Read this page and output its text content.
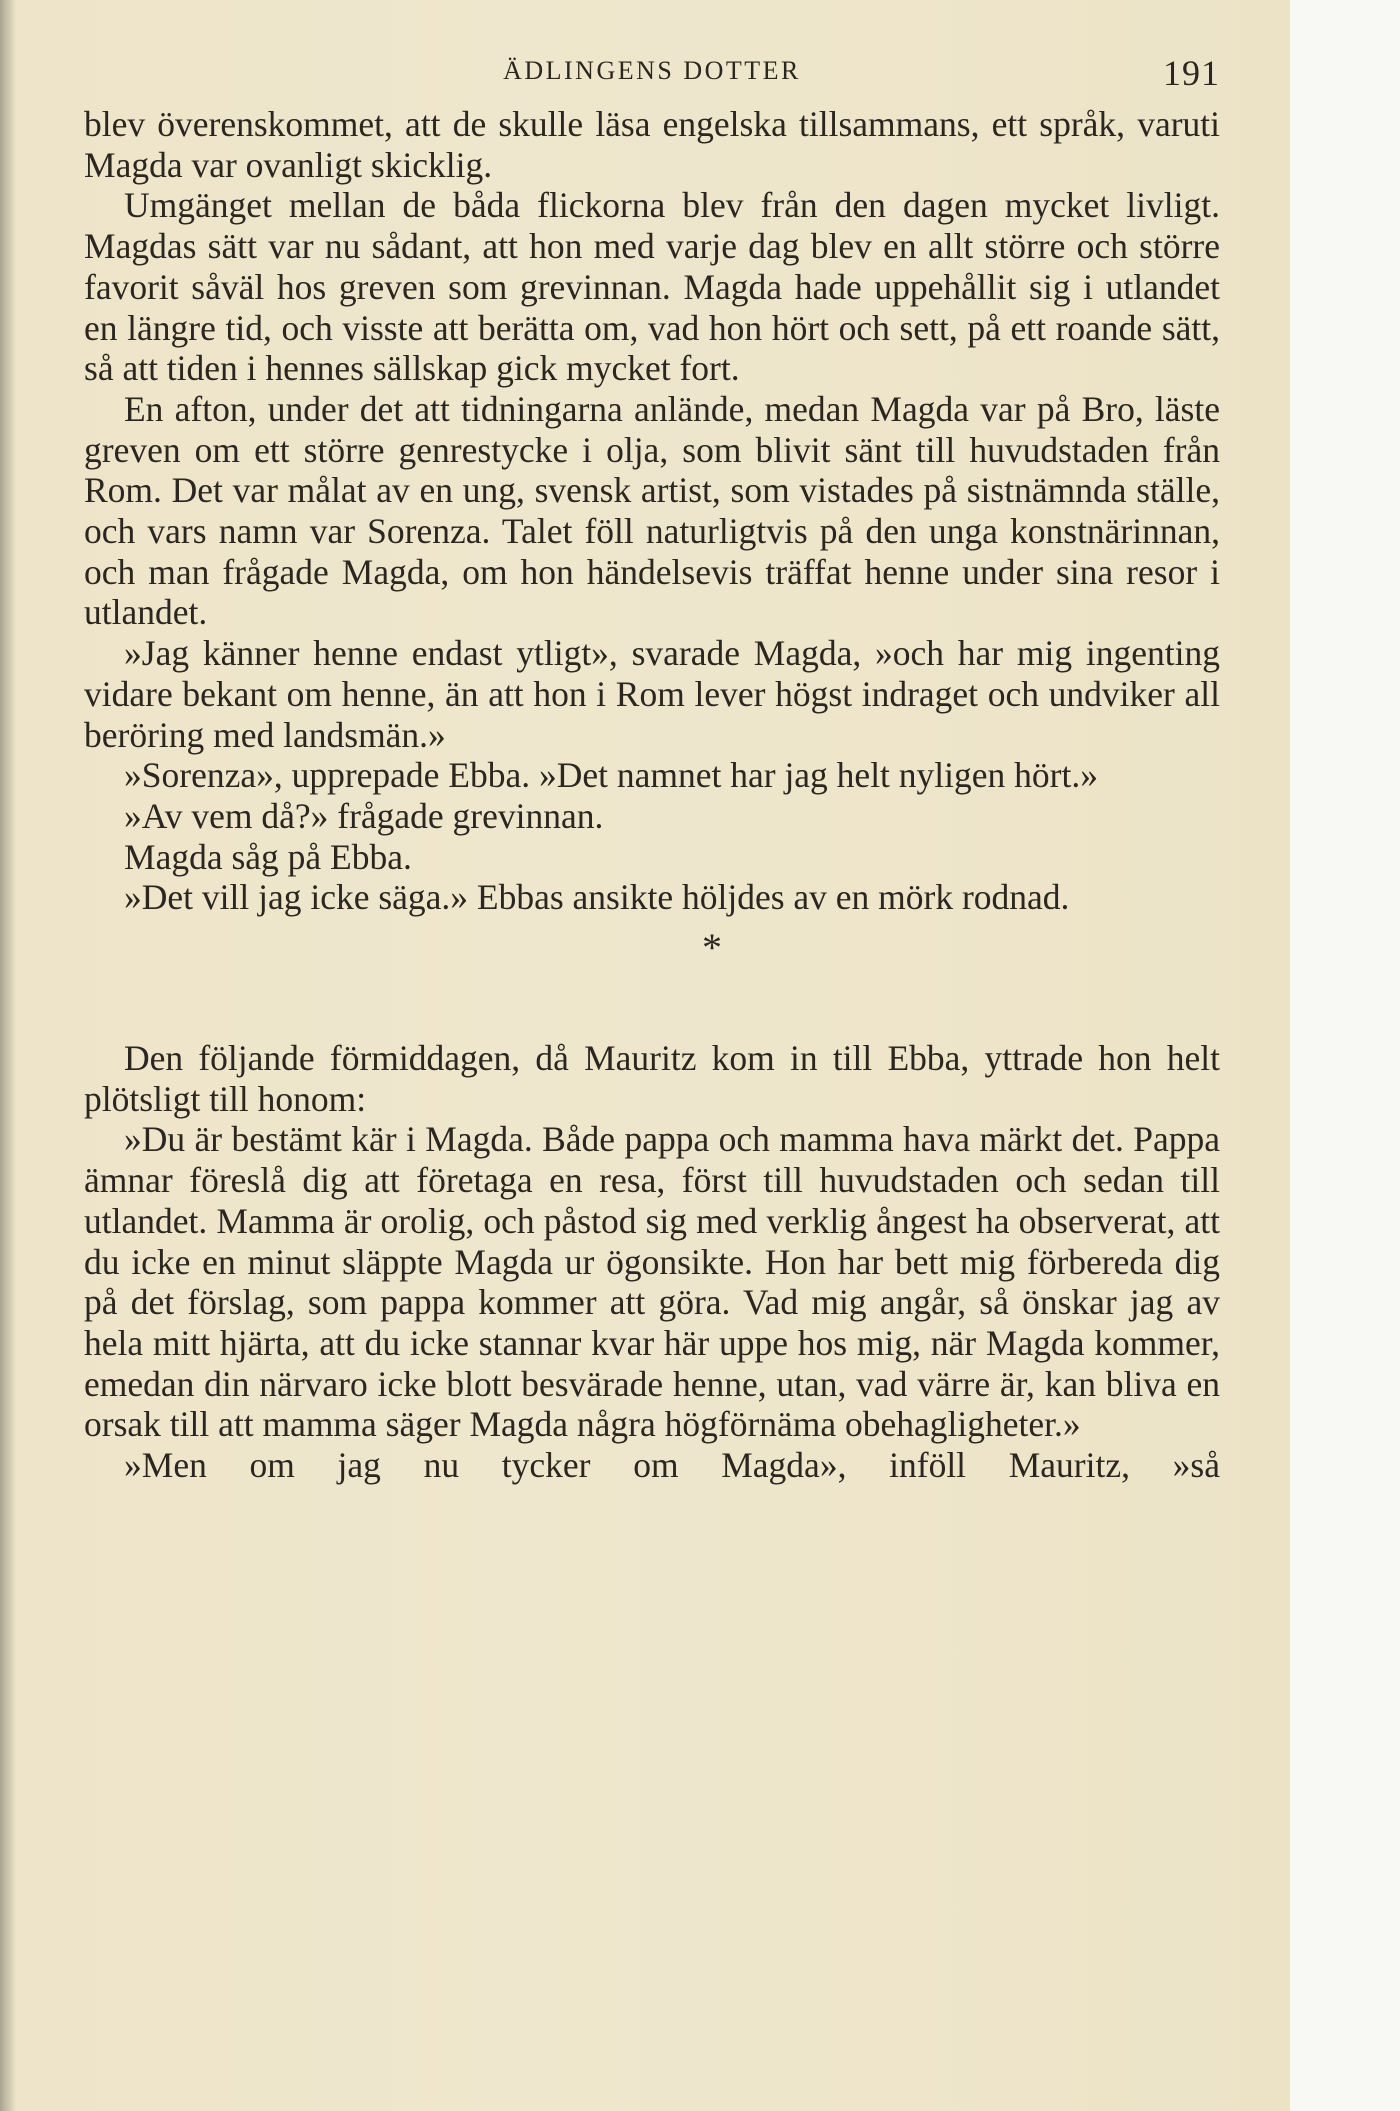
ÄDLINGENS DOTTER	191

blev överenskommet, att de skulle läsa engelska tillsammans, ett språk, varuti Magda var ovanligt skicklig.

Umgänget mellan de båda flickorna blev från den dagen mycket livligt. Magdas sätt var nu sådant, att hon med varje dag blev en allt större och större favorit såväl hos greven som grevinnan. Magda hade uppehållit sig i utlandet en längre tid, och visste att berätta om, vad hon hört och sett, på ett roande sätt, så att tiden i hennes sällskap gick mycket fort.

En afton, under det att tidningarna anlände, medan Magda var på Bro, läste greven om ett större genrestycke i olja, som blivit sänt till huvudstaden från Rom. Det var målat av en ung, svensk artist, som vistades på sistnämnda ställe, och vars namn var Sorenza. Talet föll naturligtvis på den unga konstnärinnan, och man frågade Magda, om hon händelsevis träffat henne under sina resor i utlandet.

»Jag känner henne endast ytligt», svarade Magda, »och har mig ingenting vidare bekant om henne, än att hon i Rom lever högst indraget och undviker all beröring med landsmän.»

»Sorenza», upprepade Ebba. »Det namnet har jag helt nyligen hört.»

»Av vem då?» frågade grevinnan.

Magda såg på Ebba.

»Det vill jag icke säga.» Ebbas ansikte höljdes av en mörk rodnad.

*

Den följande förmiddagen, då Mauritz kom in till Ebba, yttrade hon helt plötsligt till honom:

»Du är bestämt kär i Magda. Både pappa och mamma hava märkt det. Pappa ämnar föreslå dig att företaga en resa, först till huvudstaden och sedan till utlandet. Mamma är orolig, och påstod sig med verklig ångest ha observerat, att du icke en minut släppte Magda ur ögonsikte. Hon har bett mig förbereda dig på det förslag, som pappa kommer att göra. Vad mig angår, så önskar jag av hela mitt hjärta, att du icke stannar kvar här uppe hos mig, när Magda kommer, emedan din närvaro icke blott besvärade henne, utan, vad värre är, kan bliva en orsak till att mamma säger Magda några högförnäma obehagligheter.»

»Men om jag nu tycker om Magda», inföll Mauritz, »så
